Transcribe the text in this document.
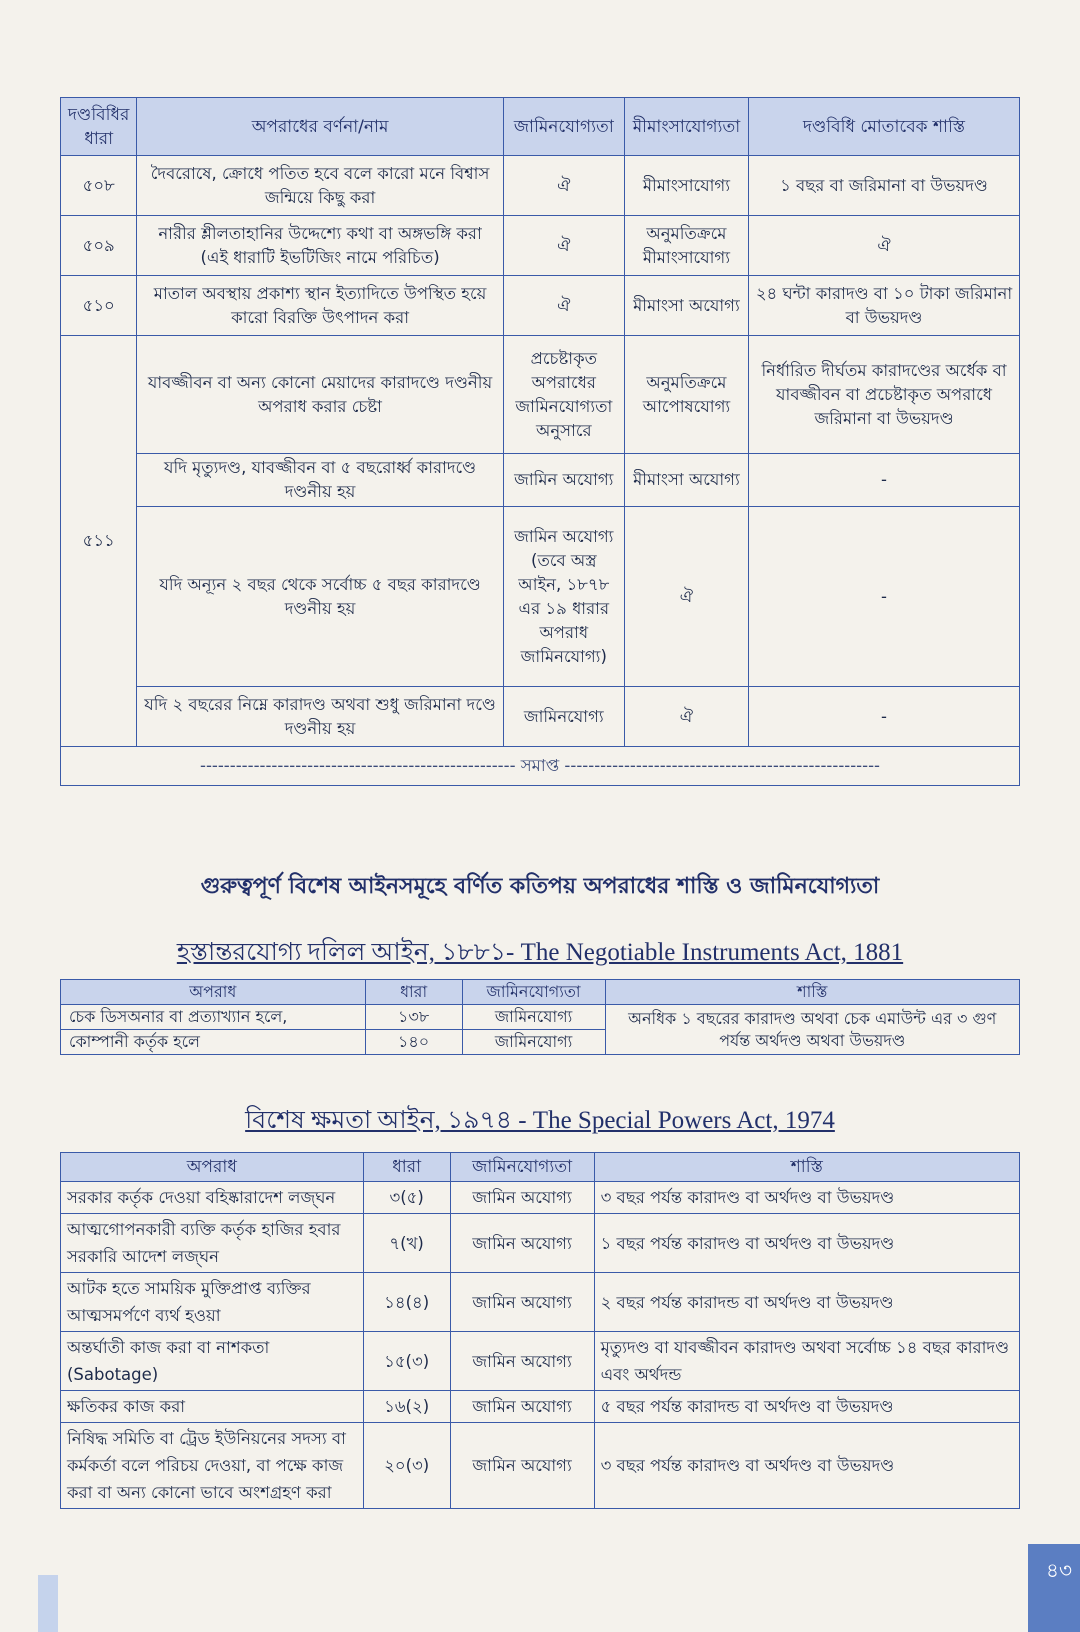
দণ্ডবিধির ধারা	অপরাধের বর্ণনা/নাম	জামিনযোগ্যতা	মীমাংসাযোগ্যতা	দণ্ডবিধি মোতাবেক শাস্তি
৫০৮	দৈবরোষে, ক্রোধে পতিত হবে বলে কারো মনে বিশ্বাস জন্মিয়ে কিছু করা	ঐ	মীমাংসাযোগ্য	১ বছর বা জরিমানা বা উভয়দণ্ড
৫০৯	নারীর শ্লীলতাহানির উদ্দেশ্যে কথা বা অঙ্গভঙ্গি করা (এই ধারাটি ইভটিজিং নামে পরিচিত)	ঐ	অনুমতিক্রমে মীমাংসাযোগ্য	ঐ
৫১০	মাতাল অবস্থায় প্রকাশ্য স্থান ইত্যাদিতে উপস্থিত হয়ে কারো বিরক্তি উৎপাদন করা	ঐ	মীমাংসা অযোগ্য	২৪ ঘন্টা কারাদণ্ড বা ১০ টাকা জরিমানা বা উভয়দণ্ড
৫১১	যাবজ্জীবন বা অন্য কোনো মেয়াদের কারাদণ্ডে দণ্ডনীয় অপরাধ করার চেষ্টা	প্রচেষ্টাকৃত অপরাধের জামিনযোগ্যতা অনুসারে	অনুমতিক্রমে আপোষযোগ্য	নির্ধারিত দীর্ঘতম কারাদণ্ডের অর্ধেক বা যাবজ্জীবন বা প্রচেষ্টাকৃত অপরাধে জরিমানা বা উভয়দণ্ড
	যদি মৃত্যুদণ্ড, যাবজ্জীবন বা ৫ বছরোর্ধ্ব কারাদণ্ডে দণ্ডনীয় হয়	জামিন অযোগ্য	মীমাংসা অযোগ্য	-
	যদি অন্যূন ২ বছর থেকে সর্বোচ্চ ৫ বছর কারাদণ্ডে দণ্ডনীয় হয়	জামিন অযোগ্য (তবে অস্ত্র আইন, ১৮৭৮ এর ১৯ ধারার অপরাধ জামিনযোগ্য)	ঐ	-
	যদি ২ বছরের নিম্নে কারাদণ্ড অথবা শুধু জরিমানা দণ্ডে দণ্ডনীয় হয়	জামিনযোগ্য	ঐ	-
----------------------------------------------------- সমাপ্ত -----------------------------------------------------				
গুরুত্বপূর্ণ বিশেষ আইনসমূহে বর্ণিত কতিপয় অপরাধের শাস্তি ও জামিনযোগ্যতা
হস্তান্তরযোগ্য দলিল আইন, ১৮৮১- The Negotiable Instruments Act, 1881
অপরাধ	ধারা	জামিনযোগ্যতা	শাস্তি
চেক ডিসঅনার বা প্রত্যাখ্যান হলে,	১৩৮	জামিনযোগ্য	অনধিক ১ বছরের কারাদণ্ড অথবা চেক এমাউন্ট এর ৩ গুণ পর্যন্ত অর্থদণ্ড অথবা উভয়দণ্ড
কোম্পানী কর্তৃক হলে	১৪০	জামিনযোগ্য	
বিশেষ ক্ষমতা আইন, ১৯৭৪ - The Special Powers Act, 1974
অপরাধ	ধারা	জামিনযোগ্যতা	শাস্তি
সরকার কর্তৃক দেওয়া বহিষ্কারাদেশ লজ্ঘন	৩(৫)	জামিন অযোগ্য	৩ বছর পর্যন্ত কারাদণ্ড বা অর্থদণ্ড বা উভয়দণ্ড
আত্মগোপনকারী ব্যক্তি কর্তৃক হাজির হবার সরকারি আদেশ লজ্ঘন	৭(খ)	জামিন অযোগ্য	১ বছর পর্যন্ত কারাদণ্ড বা অর্থদণ্ড বা উভয়দণ্ড
আটক হতে সাময়িক মুক্তিপ্রাপ্ত ব্যক্তির আত্মসমর্পণে ব্যর্থ হওয়া	১৪(৪)	জামিন অযোগ্য	২ বছর পর্যন্ত কারাদন্ড বা অর্থদণ্ড বা উভয়দণ্ড
অন্তর্ঘাতী কাজ করা বা নাশকতা (Sabotage)	১৫(৩)	জামিন অযোগ্য	মৃত্যুদণ্ড বা যাবজ্জীবন কারাদণ্ড অথবা সর্বোচ্চ ১৪ বছর কারাদণ্ড এবং অর্থদন্ড
ক্ষতিকর কাজ করা	১৬(২)	জামিন অযোগ্য	৫ বছর পর্যন্ত কারাদন্ড বা অর্থদণ্ড বা উভয়দণ্ড
নিষিদ্ধ সমিতি বা ট্রেড ইউনিয়নের সদস্য বা কর্মকর্তা বলে পরিচয় দেওয়া, বা পক্ষে কাজ করা বা অন্য কোনো ভাবে অংশগ্রহণ করা	২০(৩)	জামিন অযোগ্য	৩ বছর পর্যন্ত কারাদণ্ড বা অর্থদণ্ড বা উভয়দণ্ড
৪৩
